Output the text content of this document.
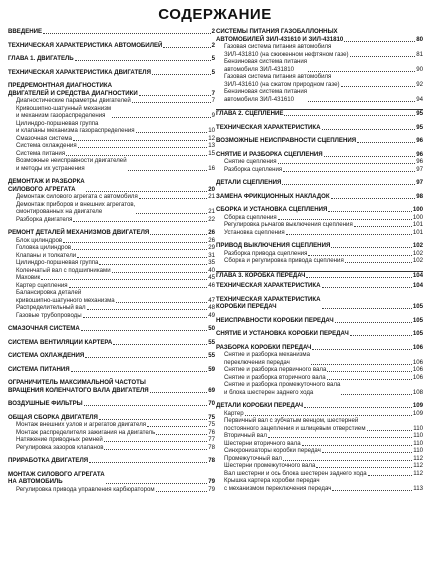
СОДЕРЖАНИЕ
ВВЕДЕНИЕ	2
ТЕХНИЧЕСКАЯ ХАРАКТЕРИСТИКА АВТОМОБИЛЕЙ	2
ГЛАВА 1. ДВИГАТЕЛЬ	5
ТЕХНИЧЕСКАЯ ХАРАКТЕРИСТИКА ДВИГАТЕЛЯ	5
ПРЕДРЕМОНТНАЯ ДИАГНОСТИКА
ДВИГАТЕЛЕЙ И СРЕДСТВА ДИАГНОСТИКИ	7
Диагностические параметры двигателей	7
Кривошипно-шатунный механизм
и механизм газораспределения	9
Цилиндро-поршневая группа
и клапаны механизма газораспределения	10
Смазочная система	12
Система охлаждения	13
Система питания	15
Возможные неисправности двигателей
и методы их устранения	16
ДЕМОНТАЖ И РАЗБОРКА
СИЛОВОГО АГРЕГАТА	20
Демонтаж силового агрегата с автомобиля	21
Демонтаж приборов и внешних агрегатов,
смонтированных на двигателе	21
Разборка двигателя	22
РЕМОНТ ДЕТАЛЕЙ МЕХАНИЗМОВ ДВИГАТЕЛЯ	26
Блок цилиндров	26
Головка цилиндров	29
Клапаны и толкатели	31
Цилиндро-поршневая группа	35
Коленчатый вал с подшипниками	40
Маховик	45
Картер сцепления	46
Балансировка деталей
кривошипно-шатунного механизма	47
Распределительный вал	48
Газовые трубопроводы	49
СМАЗОЧНАЯ СИСТЕМА	50
СИСТЕМА ВЕНТИЛЯЦИИ КАРТЕРА	55
СИСТЕМА ОХЛАЖДЕНИЯ	55
СИСТЕМА ПИТАНИЯ	59
ОГРАНИЧИТЕЛЬ МАКСИМАЛЬНОЙ ЧАСТОТЫ
ВРАЩЕНИЯ КОЛЕНЧАТОГО ВАЛА ДВИГАТЕЛЯ	69
ВОЗДУШНЫЕ ФИЛЬТРЫ	70
ОБЩАЯ СБОРКА ДВИГАТЕЛЯ	75
Монтаж внешних узлов и агрегатов двигателя	75
Монтаж распределителя зажигания на двигатель	76
Натяжение приводных ремней	77
Регулировка зазоров клапанов	78
ПРИРАБОТКА ДВИГАТЕЛЯ	78
МОНТАЖ СИЛОВОГО АГРЕГАТА
НА АВТОМОБИЛЬ	79
Регулировка привода управления карбюратором	79
СИСТЕМЫ ПИТАНИЯ ГАЗОБАЛЛОННЫХ
АВТОМОБИЛЕЙ ЗИЛ-431610 И ЗИЛ-431810	80
Газовая система питания автомобиля
ЗИЛ-431810 (на сжиженном нефтяном газе)	81
Бензиновая система питания
автомобиля ЗИЛ-431810	90
Газовая система питания автомобиля
ЗИЛ-431610 (на сжатом природном газе)	92
Бензиновая система питания
автомобиля ЗИЛ-431610	94
ГЛАВА 2. СЦЕПЛЕНИЕ	95
ТЕХНИЧЕСКАЯ ХАРАКТЕРИСТИКА	95
ВОЗМОЖНЫЕ НЕИСПРАВНОСТИ СЦЕПЛЕНИЯ	96
СНЯТИЕ И РАЗБОРКА СЦЕПЛЕНИЯ	96
Снятие сцепления	96
Разборка сцепления	97
ДЕТАЛИ СЦЕПЛЕНИЯ	97
ЗАМЕНА ФРИКЦИОННЫХ НАКЛАДОК	98
СБОРКА И УСТАНОВКА СЦЕПЛЕНИЯ	100
Сборка сцепления	100
Регулировка рычагов выключения сцепления	101
Установка сцепления	101
ПРИВОД ВЫКЛЮЧЕНИЯ СЦЕПЛЕНИЯ	102
Разборка привода сцепления	102
Сборка и регулировка привода сцепления	102
ГЛАВА 3. КОРОБКА ПЕРЕДАЧ	104
ТЕХНИЧЕСКАЯ ХАРАКТЕРИСТИКА	104
ТЕХНИЧЕСКАЯ ХАРАКТЕРИСТИКА
КОРОБКИ ПЕРЕДАЧ	105
НЕИСПРАВНОСТИ КОРОБКИ ПЕРЕДАЧ	105
СНЯТИЕ И УСТАНОВКА КОРОБКИ ПЕРЕДАЧ	105
РАЗБОРКА КОРОБКИ ПЕРЕДАЧ	106
Снятие и разборка механизма
переключения передач	106
Снятие и разборка первичного вала	106
Снятие и разборка вторичного вала	106
Снятие и разборка промежуточного вала
и блока шестерен заднего хода	108
ДЕТАЛИ КОРОБКИ ПЕРЕДАЧ	109
Картер	109
Первичный вал с зубчатым венцом, шестерней
постоянного зацепления и шлицевым отверстием	110
Вторичный вал	110
Шестерни вторичного вала	110
Синхронизаторы коробки передач	110
Промежуточный вал	112
Шестерни промежуточного вала	112
Вал шестерни и ось блока шестерен заднего хода	112
Крышка картера коробки передач
с механизмом переключения передач	113
